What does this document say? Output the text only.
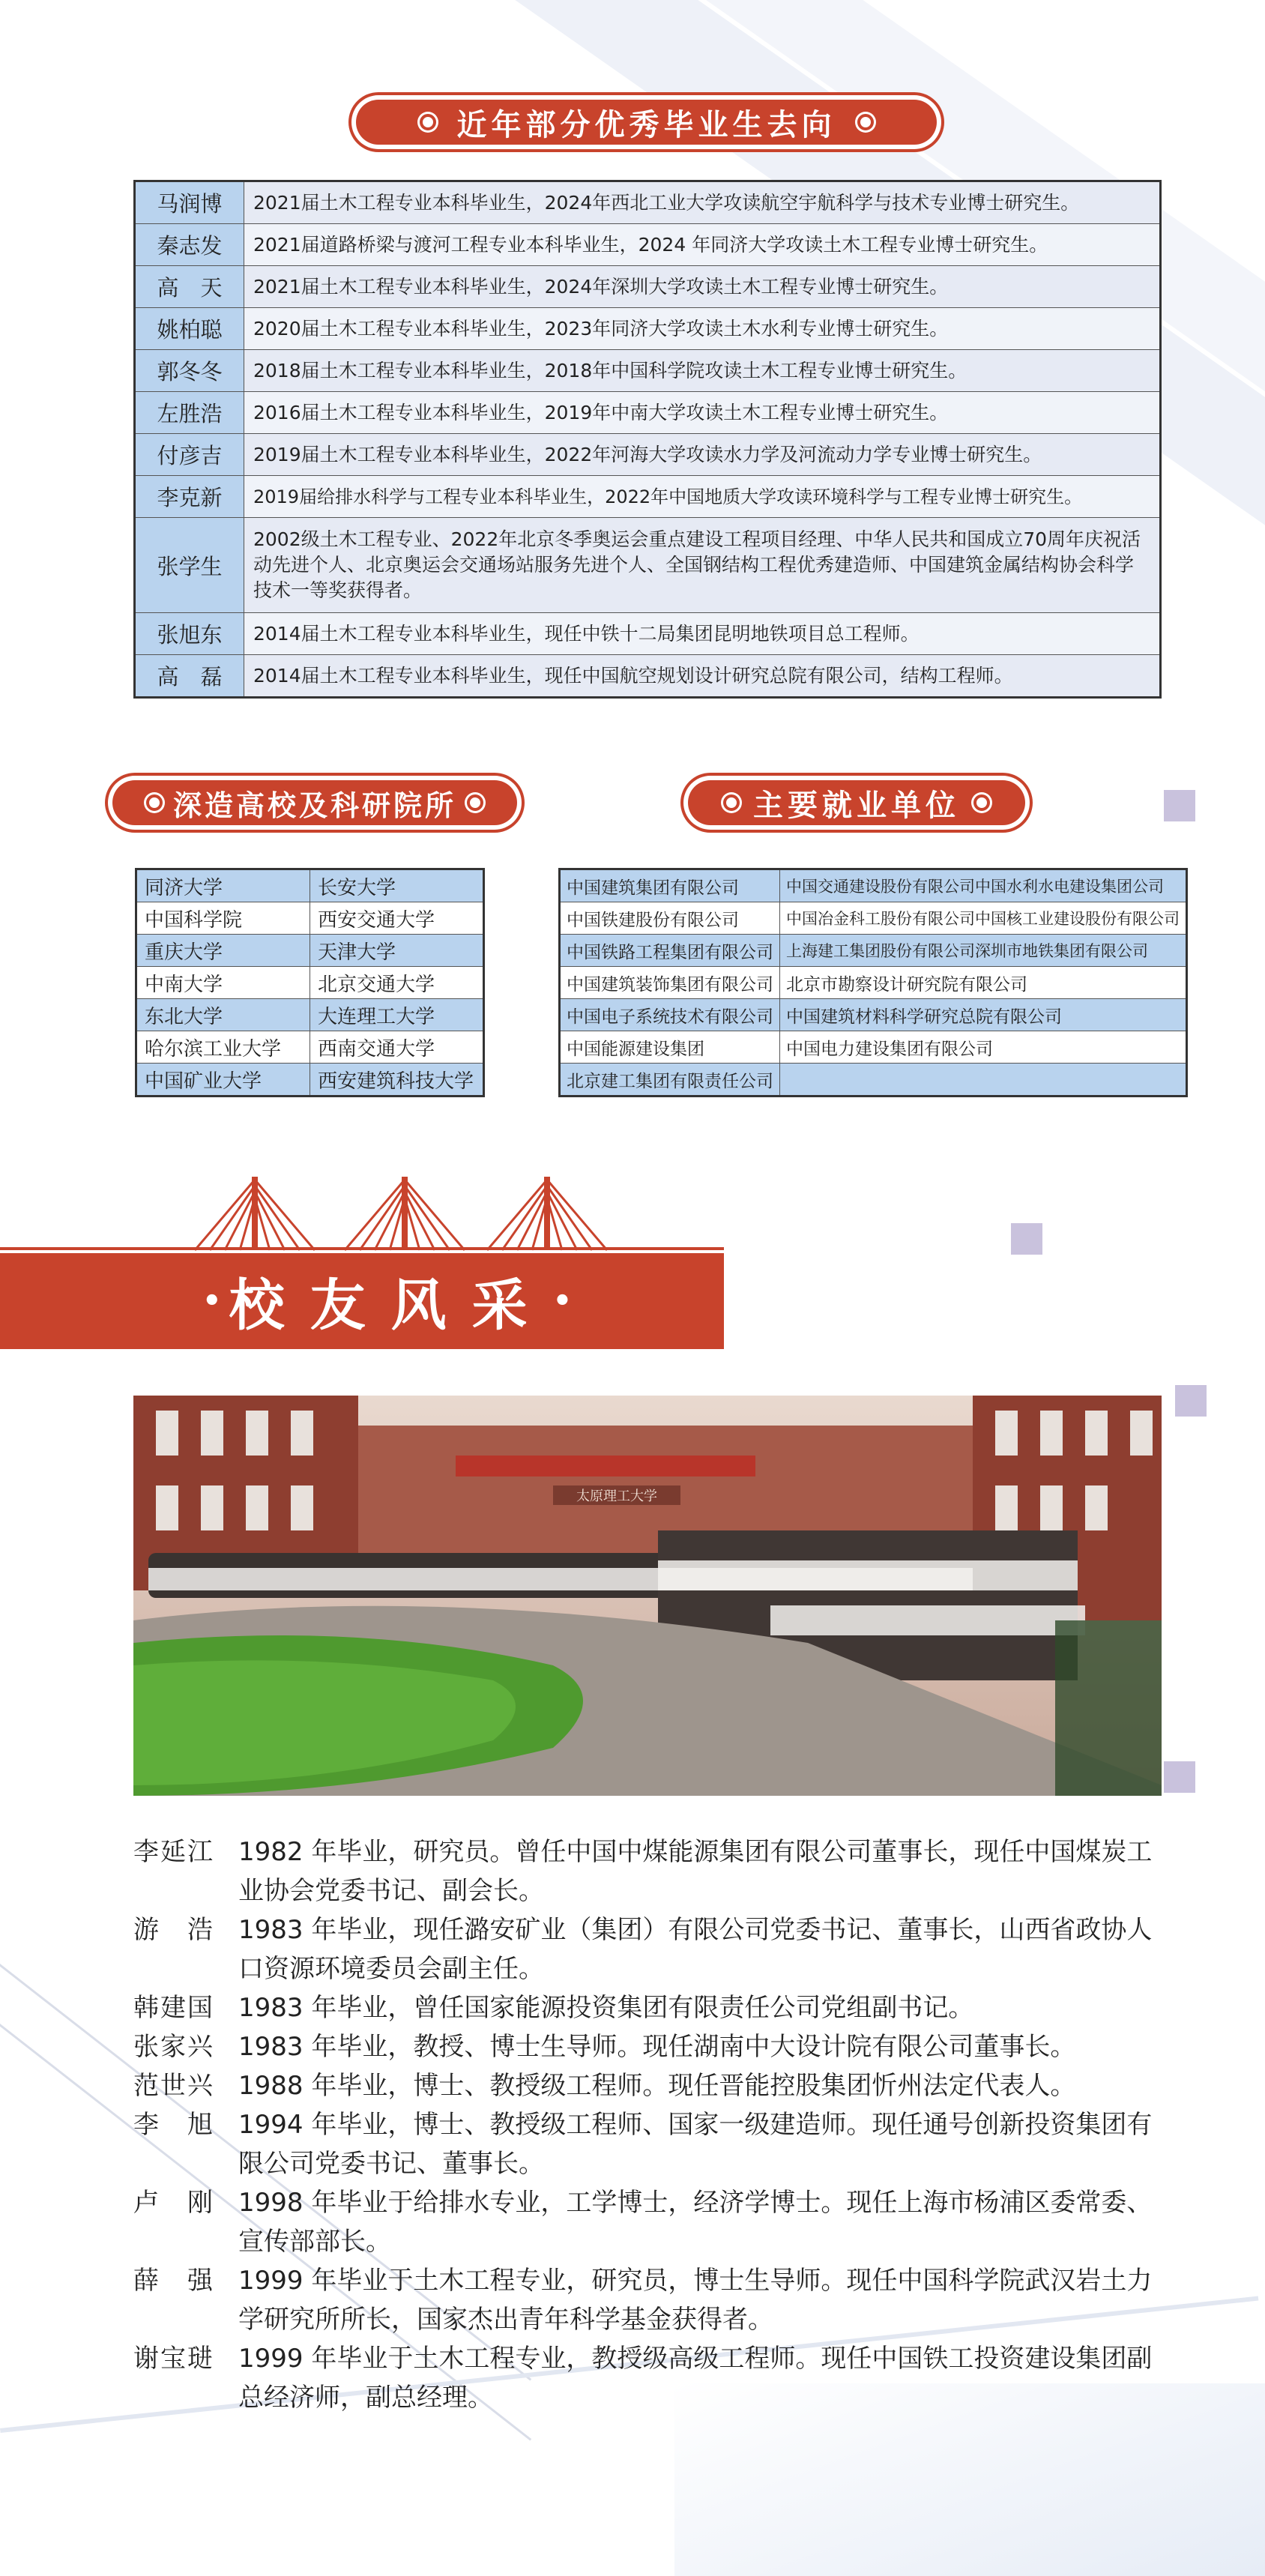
近年部分优秀毕业生去向
马润博	2021届土木工程专业本科毕业生，2024年西北工业大学攻读航空宇航科学与技术专业博士研究生。
秦志发	2021届道路桥梁与渡河工程专业本科毕业生，2024 年同济大学攻读土木工程专业博士研究生。
高　天	2021届土木工程专业本科毕业生，2024年深圳大学攻读土木工程专业博士研究生。
姚柏聪	2020届土木工程专业本科毕业生，2023年同济大学攻读土木水利专业博士研究生。
郭冬冬	2018届土木工程专业本科毕业生，2018年中国科学院攻读土木工程专业博士研究生。
左胜浩	2016届土木工程专业本科毕业生，2019年中南大学攻读土木工程专业博士研究生。
付彦吉	2019届土木工程专业本科毕业生，2022年河海大学攻读水力学及河流动力学专业博士研究生。
李克新	2019届给排水科学与工程专业本科毕业生，2022年中国地质大学攻读环境科学与工程专业博士研究生。
张学生	2002级土木工程专业、2022年北京冬季奥运会重点建设工程项目经理、中华人民共和国成立70周年庆祝活动先进个人、北京奥运会交通场站服务先进个人、全国钢结构工程优秀建造师、中国建筑金属结构协会科学技术一等奖获得者。
张旭东	2014届土木工程专业本科毕业生，现任中铁十二局集团昆明地铁项目总工程师。
高　磊	2014届土木工程专业本科毕业生，现任中国航空规划设计研究总院有限公司，结构工程师。
深造高校及科研院所	主要就业单位
同济大学	长安大学
中国科学院	西安交通大学
重庆大学	天津大学
中南大学	北京交通大学
东北大学	大连理工大学
哈尔滨工业大学	西南交通大学
中国矿业大学	西安建筑科技大学
中国建筑集团有限公司	中国交通建设股份有限公司中国水利水电建设集团公司
中国铁建股份有限公司	中国冶金科工股份有限公司中国核工业建设股份有限公司
中国铁路工程集团有限公司	上海建工集团股份有限公司深圳市地铁集团有限公司
中国建筑装饰集团有限公司	北京市勘察设计研究院有限公司
中国电子系统技术有限公司	中国建筑材料科学研究总院有限公司
中国能源建设集团	中国电力建设集团有限公司
北京建工集团有限责任公司	
• 校友风采 •
太原理工大学
李延江 1982 年毕业，研究员。曾任中国中煤能源集团有限公司董事长，现任中国煤炭工业协会党委书记、副会长。
游　浩 1983 年毕业，现任潞安矿业（集团）有限公司党委书记、董事长，山西省政协人口资源环境委员会副主任。
韩建国 1983 年毕业，曾任国家能源投资集团有限责任公司党组副书记。
张家兴 1983 年毕业，教授、博士生导师。现任湖南中大设计院有限公司董事长。
范世兴 1988 年毕业，博士、教授级工程师。现任晋能控股集团忻州法定代表人。
李　旭 1994 年毕业，博士、教授级工程师、国家一级建造师。现任通号创新投资集团有限公司党委书记、董事长。
卢　刚 1998 年毕业于给排水专业，工学博士，经济学博士。现任上海市杨浦区委常委、宣传部部长。
薛　强 1999 年毕业于土木工程专业，研究员，博士生导师。现任中国科学院武汉岩土力学研究所所长，国家杰出青年科学基金获得者。
谢宝琎 1999 年毕业于土木工程专业，教授级高级工程师。现任中国铁工投资建设集团副总经济师，副总经理。
